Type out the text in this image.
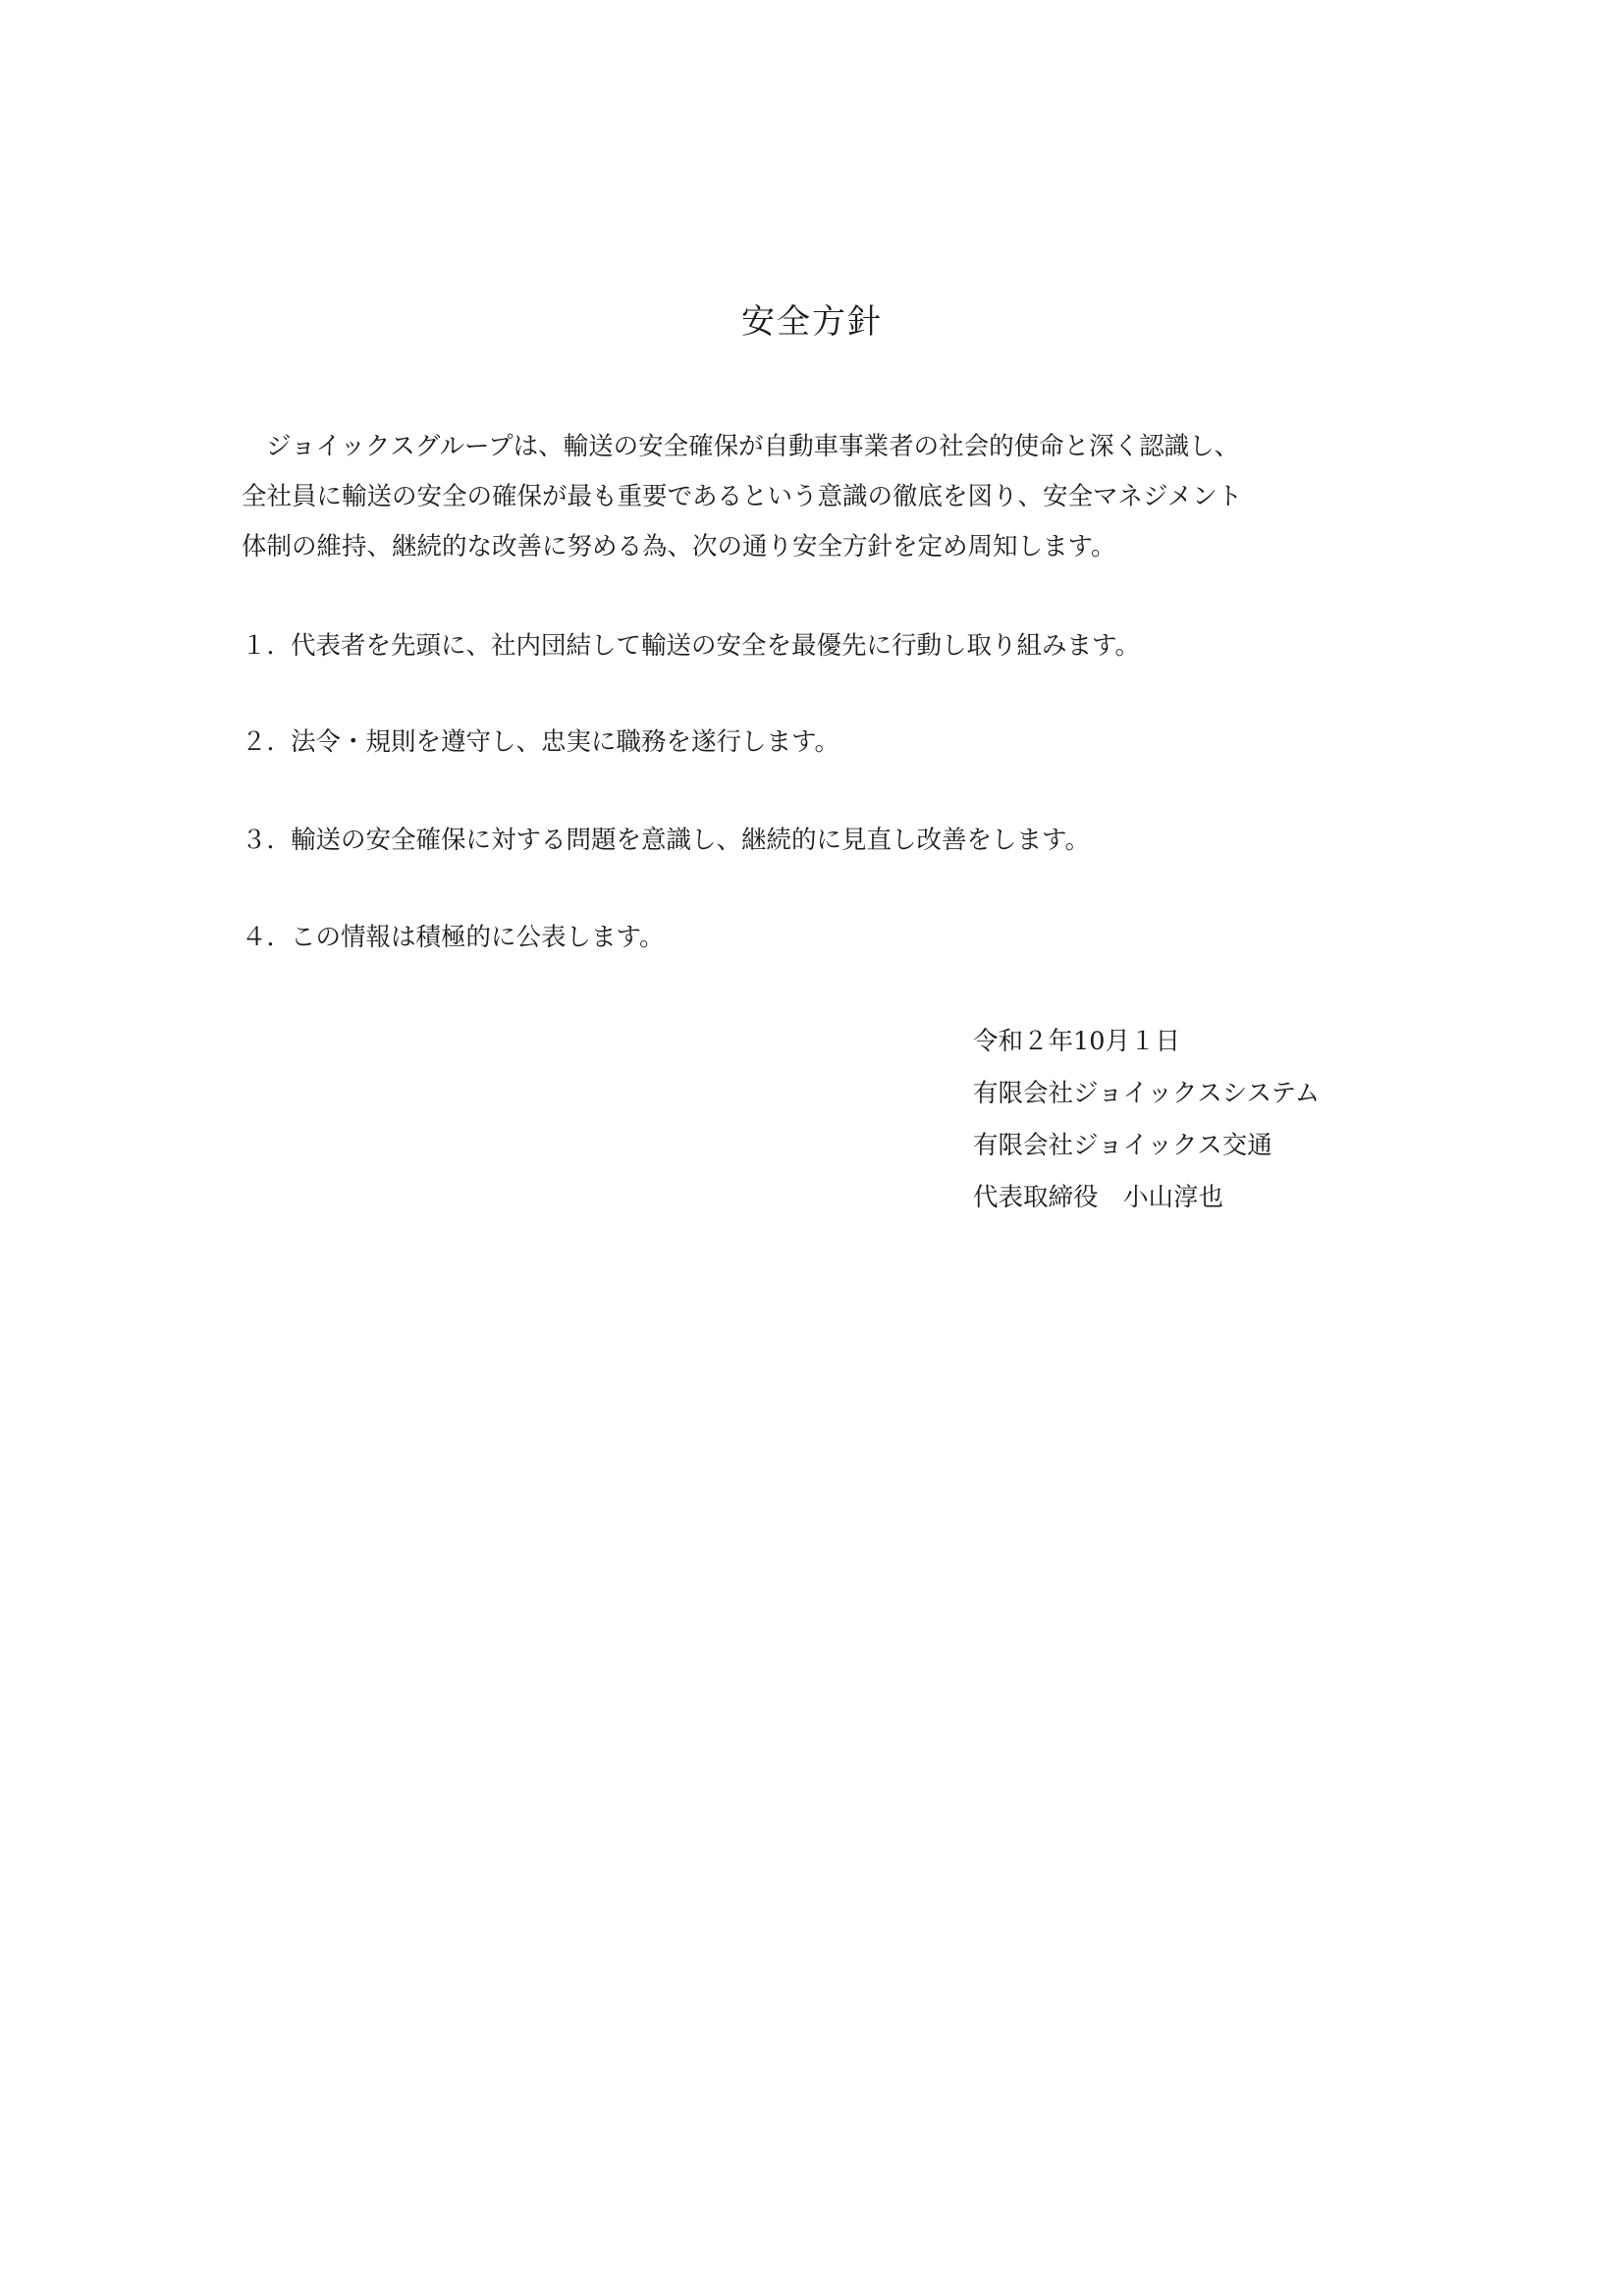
安全方針
ジョイックスグループは、輸送の安全確保が自動車事業者の社会的使命と深く認識し、
全社員に輸送の安全の確保が最も重要であるという意識の徹底を図り、安全マネジメント
体制の維持、継続的な改善に努める為、次の通り安全方針を定め周知します。
１．代表者を先頭に、社内団結して輸送の安全を最優先に行動し取り組みます。
２．法令・規則を遵守し、忠実に職務を遂行します。
３．輸送の安全確保に対する問題を意識し、継続的に見直し改善をします。
４．この情報は積極的に公表します。
令和２年10月１日
有限会社ジョイックスシステム
有限会社ジョイックス交通
代表取締役　小山淳也
